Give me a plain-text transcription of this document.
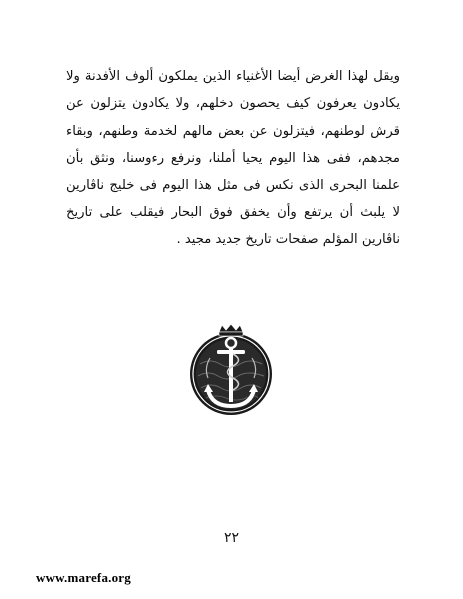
ويقل لهذا الغرض أيضا الأغنياء الذين يملكون ألوف الأفدنة ولا يكادون يعرفون كيف يحصون دخلهم، ولا يكادون يتزلون عن قرش لوطنهم، فيتزلون عن بعض مالهم لخدمة وطنهم، وبقاء مجدهم، ففى هذا اليوم يحيا أملنا، ونرفع رءوسنا، ونثق بأن علمنا البحرى الذى نكس فى مثل هذا اليوم فى خليج ناڤارين لا يلبث أن يرتفع وأن يخفق فوق البحار فيقلب على تاريخ ناڤارين المؤلم صفحات تاريخ جديد مجيد .

٢٢
www.marefa.org
